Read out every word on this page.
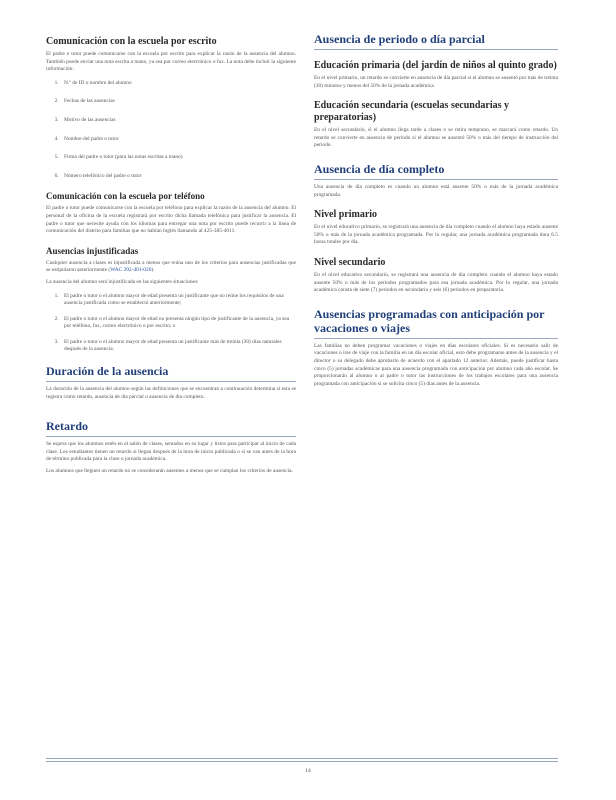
Comunicación con la escuela por escrito

El padre o tutor puede comunicarse con la escuela por escrito para explicar la razón de la ausencia del alumno. También puede enviar una nota escrita a mano, ya sea por correo electrónico o fax. La nota debe incluir la siguiente información:

1. N.º de ID o nombre del alumno
2. Fechas de las ausencias
3. Motivo de las ausencias
4. Nombre del padre o tutor
5. Firma del padre o tutor (para las notas escritas a mano)
6. Número telefónico del padre o tutor
Comunicación con la escuela por teléfono

El padre o tutor puede comunicarse con la escuela por teléfono para explicar la razón de la ausencia del alumno. El personal de la oficina de la escuela registrará por escrito dicha llamada telefónica para justificar la ausencia. El padre o tutor que necesite ayuda con los idiomas para entregar una nota por escrito puede recurrir a la línea de comunicación del distrito para familias que no hablan inglés llamando al 425-385-4011.

Ausencias injustificadas

Cualquier ausencia a clases es injustificada a menos que reúna uno de los criterios para ausencias justificadas que se estipularon anteriormente (WAC 392-401-020).

La ausencia del alumno será injustificada en las siguientes situaciones:

1. El padre o tutor o el alumno mayor de edad presenta un justificante que no reúne los requisitos de una ausencia justificada como se estableció anteriormente;
2. El padre o tutor o el alumno mayor de edad no presenta ningún tipo de justificante de la ausencia, ya sea por teléfono, fax, correo electrónico o por escrito; o
3. El padre o tutor o el alumno mayor de edad presenta un justificante más de treinta (30) días naturales después de la ausencia.
Duración de la ausencia

La duración de la ausencia del alumno según las definiciones que se encuentran a continuación determina si esta se registra como retardo, ausencia de día parcial o ausencia de día completo.

Retardo

Se espera que los alumnos estén en el salón de clases, sentados en su lugar y listos para participar al inicio de cada clase. Los estudiantes tienen un retardo si llegan después de la hora de inicio publicada o si se van antes de la hora de término publicada para la clase o jornada académica.

Los alumnos que lleguen un retardo no se considerarán ausentes a menos que se cumplan los criterios de ausencia.

Ausencia de periodo o día parcial
Educación primaria (del jardín de niños al quinto grado)

En el nivel primario, un retardo se convierte en ausencia de día parcial si el alumno se ausentó por más de treinta (30) minutos y menos del 50% de la jornada académica.

Educación secundaria (escuelas secundarias y preparatorias)

En el nivel secundario, si el alumno llega tarde a clases o se retira temprano, se marcará como retardo. Un retardo se convierte en ausencia de periodo si el alumno se ausentó 50% o más del tiempo de instrucción del periodo.

Ausencia de día completo

Una ausencia de día completo es cuando un alumno está ausente 50% o más de la jornada académica programada.

Nivel primario

En el nivel educativo primario, se registrará una ausencia de día completo cuando el alumno haya estado ausente 50% o más de la jornada académica programada. Por lo regular, una jornada académica programada dura 6.5 horas totales por día.

Nivel secundario

En el nivel educativo secundario, se registrará una ausencia de día completo cuando el alumno haya estado ausente 50% o más de los periodos programados para esa jornada académica. Por lo regular, una jornada académica consta de siete (7) periodos en secundaria y seis (6) periodos en preparatoria.

Ausencias programadas con anticipación por vacaciones o viajes

Las familias no deben programar vacaciones o viajes en días escolares oficiales. Si es necesario salir de vacaciones o irse de viaje con la familia en un día escolar oficial, esto debe programarse antes de la ausencia y el director o su delegado debe aprobarlo de acuerdo con el apartado 12 anterior. Además, puede justificar hasta cinco (5) jornadas académicas para una ausencia programada con anticipación por alumno cada año escolar. Se proporcionarán al alumno o al padre o tutor las instrucciones de los trabajos escolares para una ausencia programada con anticipación si se solicita cinco (5) días antes de la ausencia.

14
